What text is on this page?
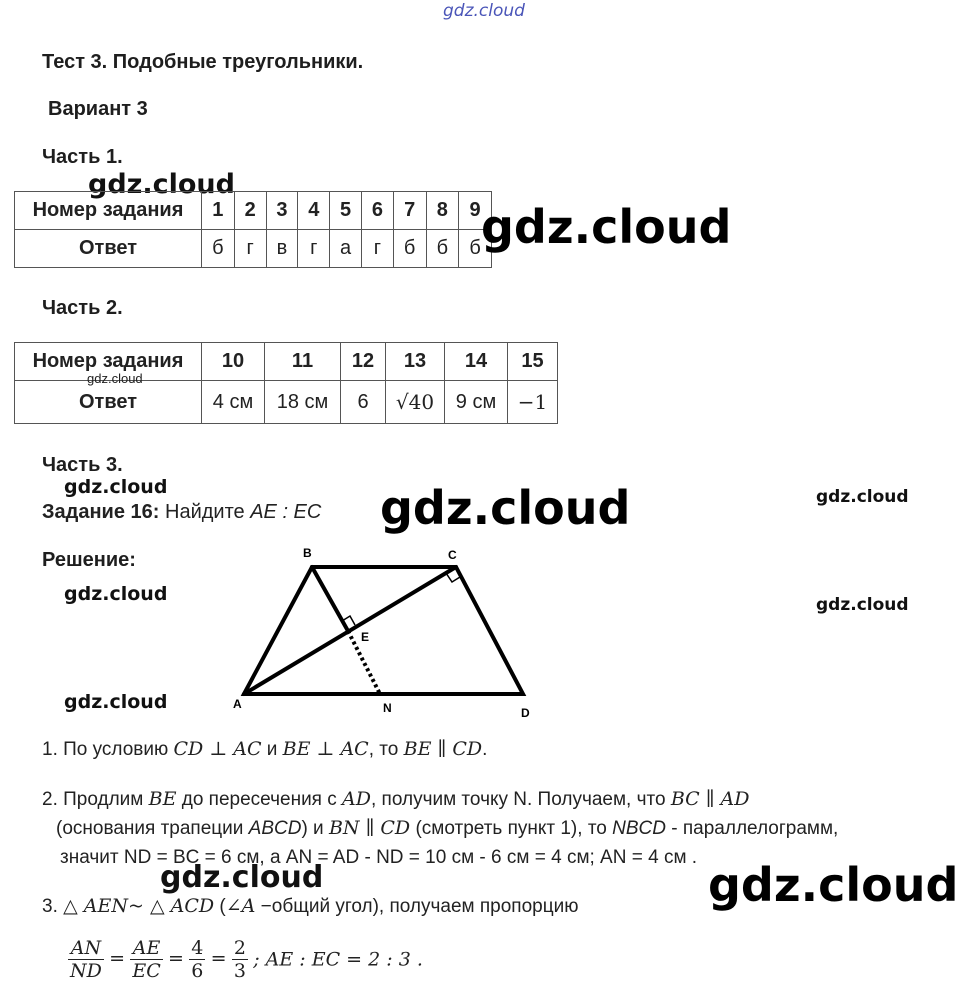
gdz.cloud
Тест 3. Подобные треугольники.
Вариант 3
Часть 1.
gdz.cloud
Номер задания	1	2	3	4	5	6	7	8	9
Ответ	б	г	в	г	а	г	б	б	б gdz.cloud
Часть 2.
Номер задания	10	11	12	13	14	15
Ответ	4 см	18 см	6	√40	9 см	−1
gdz.cloud
Часть 3.
gdz.cloud
Задание 16: Найдите AE : EC gdz.cloud	gdz.cloud
Решение:
gdz.cloud	gdz.cloud
gdz.cloud
B	C
E
A	N	D
1. По условию CD ⊥ AC и BE ⊥ AC, то BE ∥ CD.
2. Продлим BE до пересечения с AD, получим точку N. Получаем, что BC ∥ AD
(основания трапеции ABCD) и BN ∥ CD (смотреть пункт 1), то NBCD - параллелограмм,
значит ND = BC = 6 см, а AN = AD - ND = 10 см - 6 см = 4 см; AN = 4 см .
gdz.cloud	gdz.cloud
3. △ AEN~ △ ACD (∠A −общий угол), получаем пропорцию
$\frac{AN}{ND} = \frac{AE}{EC} = \frac{4}{6} = \frac{2}{3}$ ; AE : EC = 2 : 3 .
